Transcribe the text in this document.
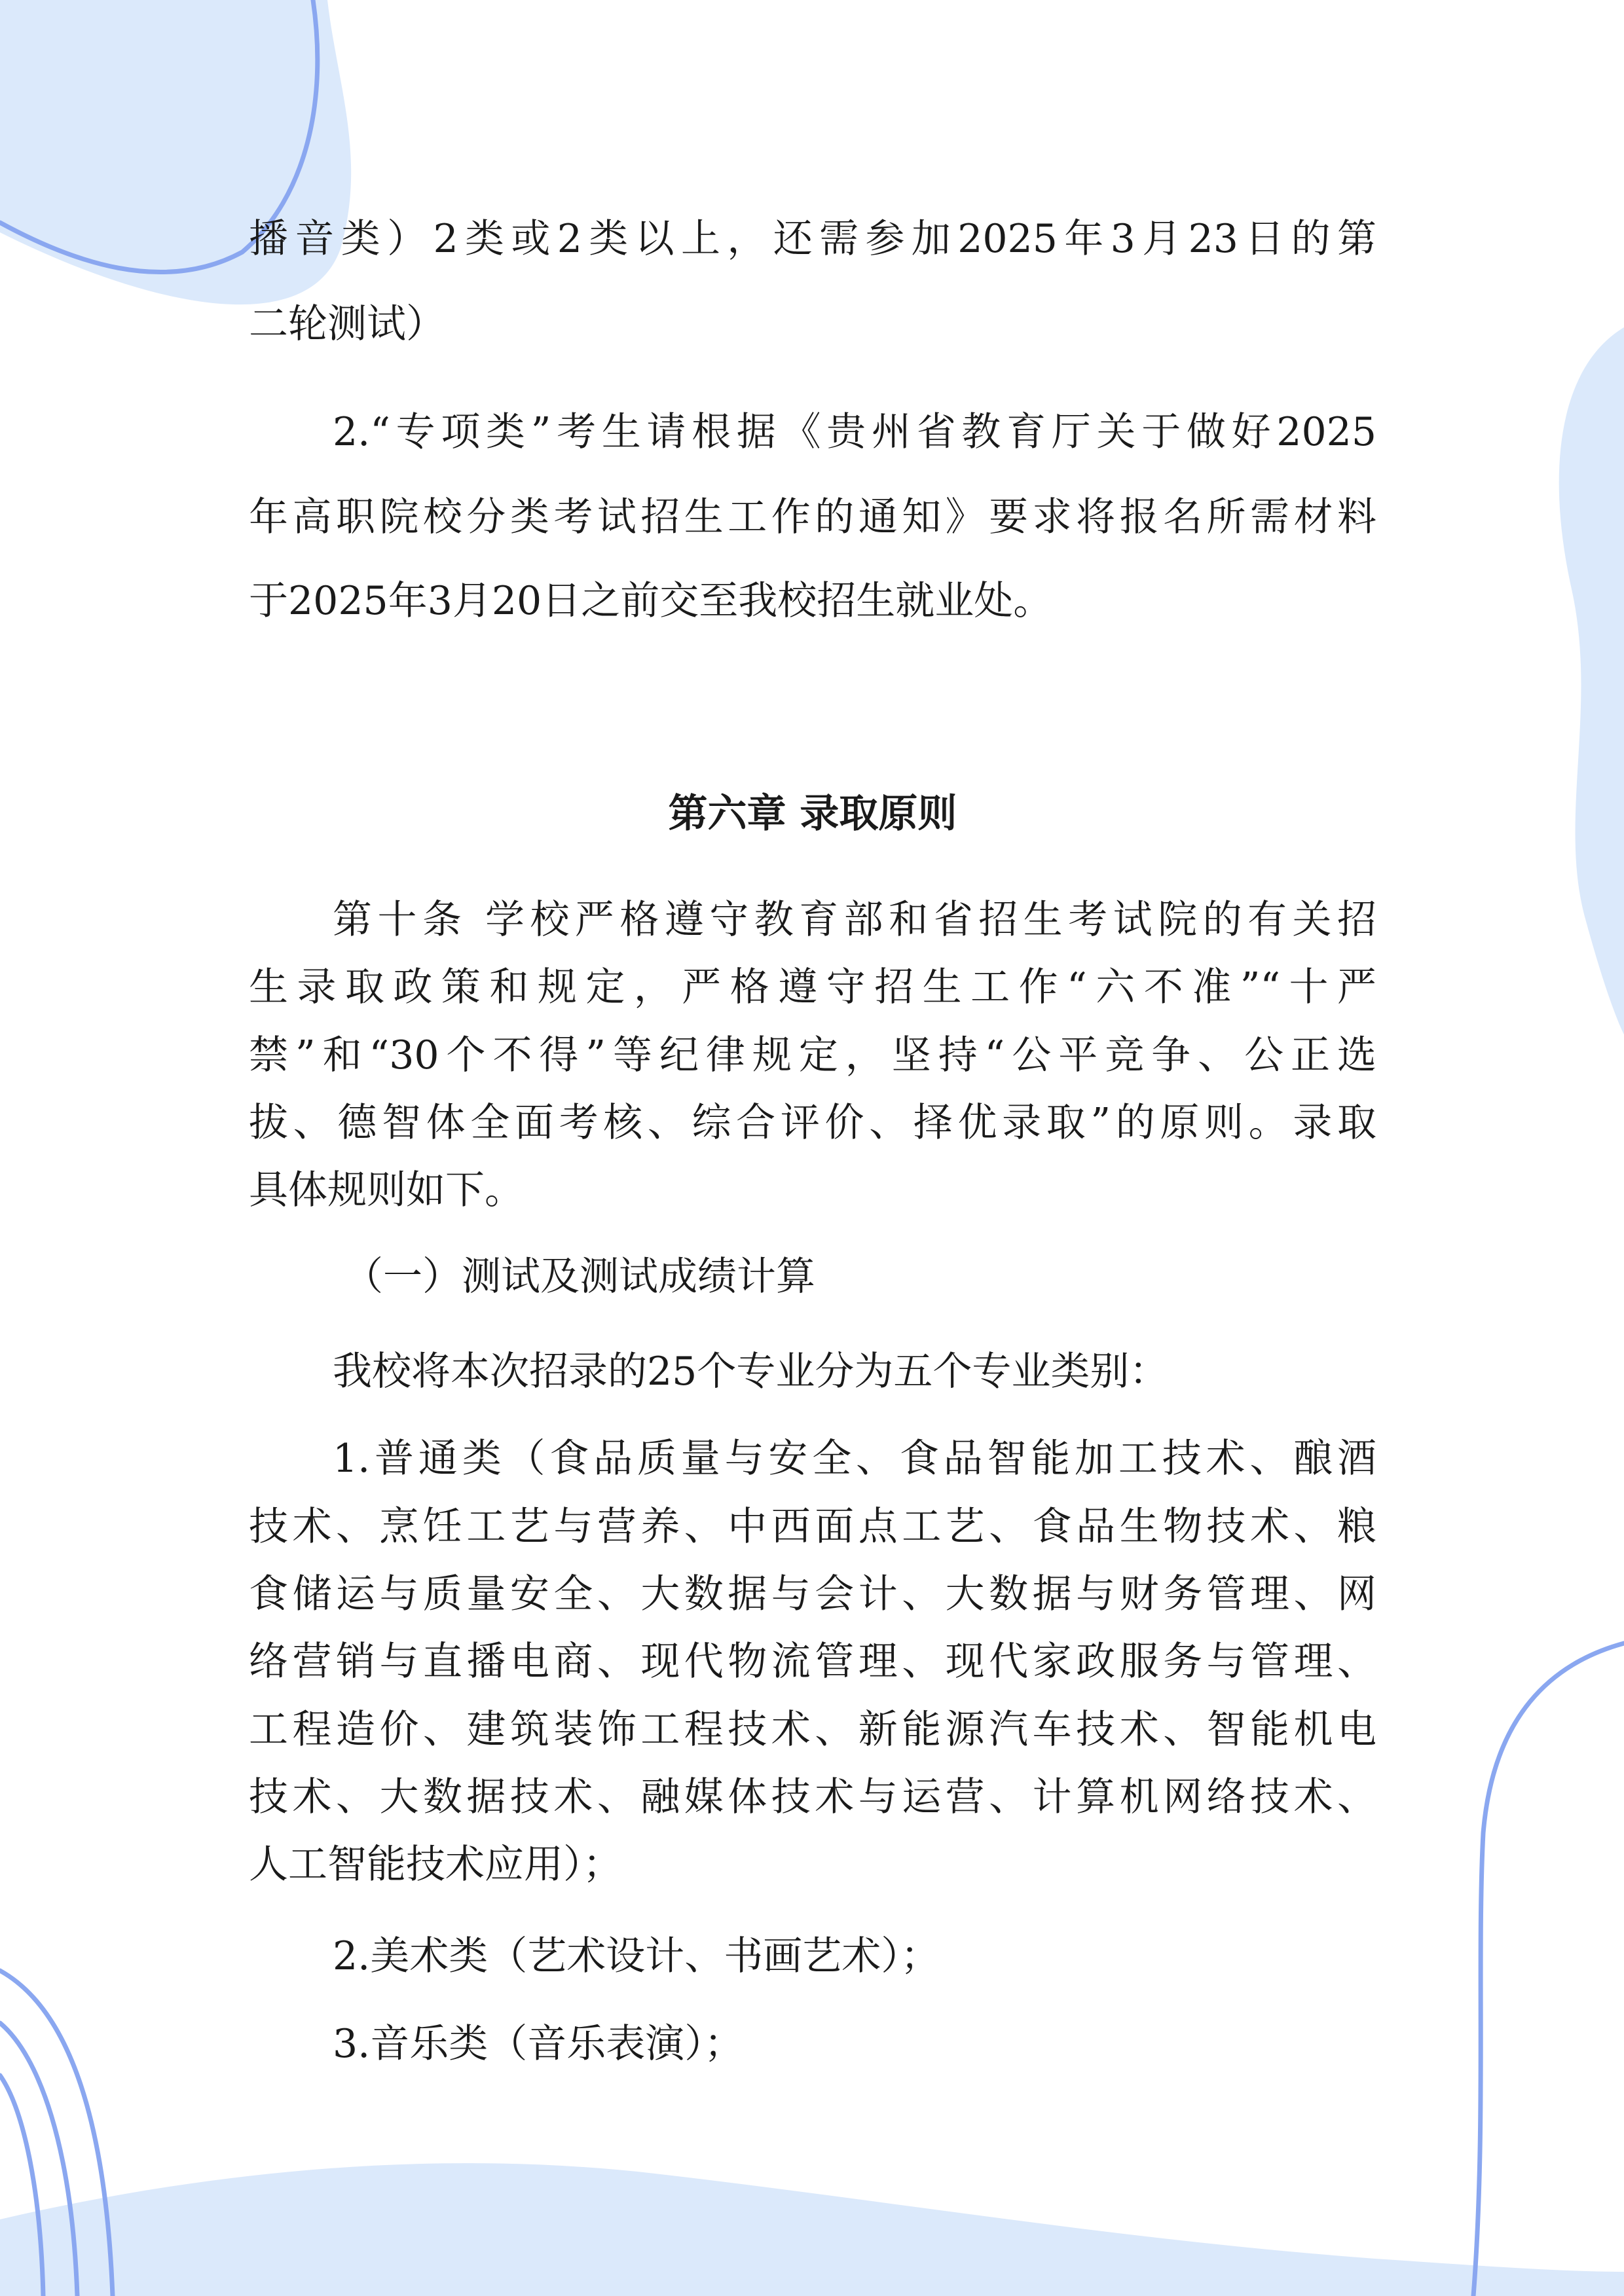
播音类）2类或2类以上，还需参加2025年3月23日的第
二轮测试）
2.“专项类”考生请根据《贵州省教育厅关于做好2025
年高职院校分类考试招生工作的通知》要求将报名所需材料
于2025年3月20日之前交至我校招生就业处。
第六章 录取原则
第十条 学校严格遵守教育部和省招生考试院的有关招
生录取政策和规定，严格遵守招生工作“六不准”“十严
禁”和“30个不得”等纪律规定，坚持“公平竞争、公正选
拔、德智体全面考核、综合评价、择优录取”的原则。录取
具体规则如下。
（一）测试及测试成绩计算
我校将本次招录的25个专业分为五个专业类别：
1.普通类（食品质量与安全、食品智能加工技术、酿酒
技术、烹饪工艺与营养、中西面点工艺、食品生物技术、粮
食储运与质量安全、大数据与会计、大数据与财务管理、网
络营销与直播电商、现代物流管理、现代家政服务与管理、
工程造价、建筑装饰工程技术、新能源汽车技术、智能机电
技术、大数据技术、融媒体技术与运营、计算机网络技术、
人工智能技术应用）；
2.美术类（艺术设计、书画艺术）；
3.音乐类（音乐表演）；
